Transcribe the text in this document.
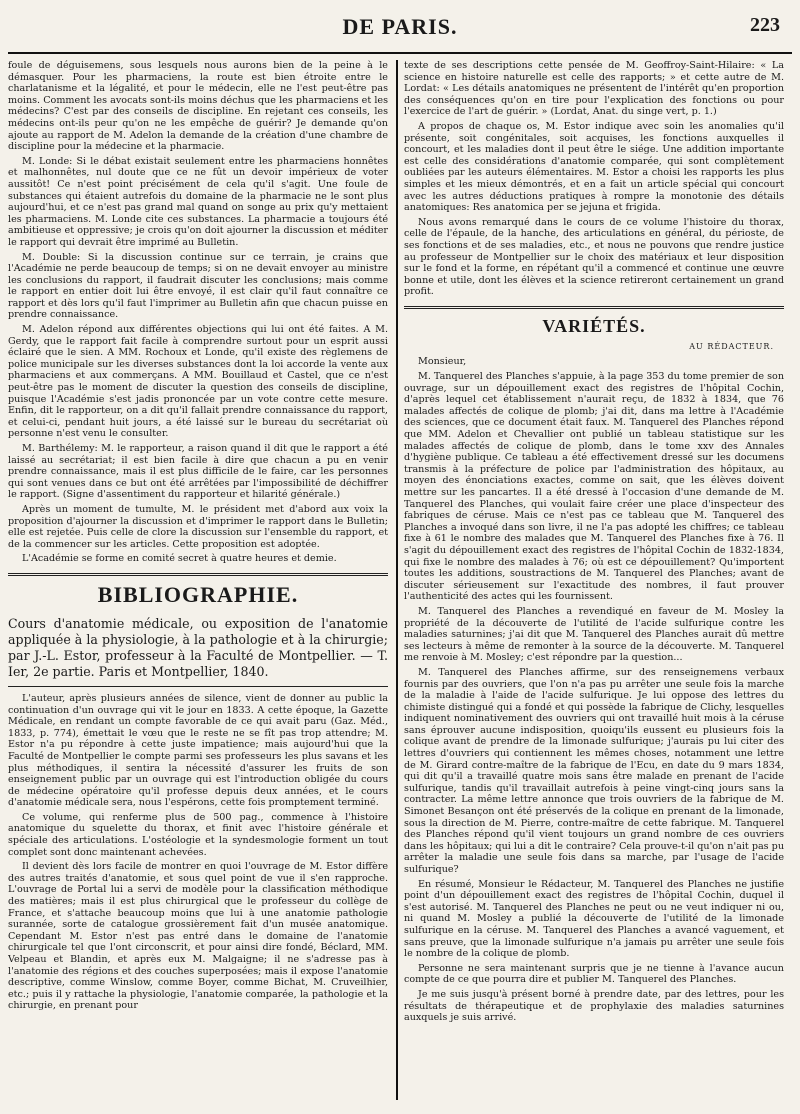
DE PARIS.	223

foule de déguisemens, sous lesquels nous aurons bien de la peine à le démasquer. Pour les pharmaciens, la route est bien étroite entre le charlatanisme et la légalité, et pour le médecin, elle ne l'est peut-être pas moins. Comment les avocats sont-ils moins déchus que les pharmaciens et les médecins? C'est par des conseils de discipline. En rejetant ces conseils, les médecins ont-ils peur qu'on ne les empêche de guérir? Je demande qu'on ajoute au rapport de M. Adelon la demande de la création d'une chambre de discipline pour la médecine et la pharmacie.

M. Londe: Si le débat existait seulement entre les pharmaciens honnêtes et malhonnêtes, nul doute que ce ne fût un devoir impérieux de voter aussitôt! Ce n'est point précisément de cela qu'il s'agit. Une foule de substances qui étaient autrefois du domaine de la pharmacie ne le sont plus aujourd'hui, et ce n'est pas grand mal quand on songe au prix qu'y mettaient les pharmaciens. M. Londe cite ces substances. La pharmacie a toujours été ambitieuse et oppressive; je crois qu'on doit ajourner la discussion et méditer le rapport qui devrait être imprimé au Bulletin.

M. Double: Si la discussion continue sur ce terrain, je crains que l'Académie ne perde beaucoup de temps; si on ne devait envoyer au ministre les conclusions du rapport, il faudrait discuter les conclusions; mais comme le rapport en entier doit lui être envoyé, il est clair qu'il faut connaître ce rapport et dès lors qu'il faut l'imprimer au Bulletin afin que chacun puisse en prendre connaissance.

M. Adelon répond aux différentes objections qui lui ont été faites. A M. Gerdy, que le rapport fait facile à comprendre surtout pour un esprit aussi éclairé que le sien. A MM. Rochoux et Londe, qu'il existe des règlemens de police municipale sur les diverses substances dont la loi accorde la vente aux pharmaciens et aux commerçans. A MM. Bouillaud et Castel, que ce n'est peut-être pas le moment de discuter la question des conseils de discipline, puisque l'Académie s'est jadis prononcée par un vote contre cette mesure. Enfin, dit le rapporteur, on a dit qu'il fallait prendre connaissance du rapport, et celui-ci, pendant huit jours, a été laissé sur le bureau du secrétariat où personne n'est venu le consulter.

M. Barthélemy: M. le rapporteur, a raison quand il dit que le rapport a été laissé au secrétariat; il est bien facile à dire que chacun a pu en venir prendre connaissance, mais il est plus difficile de le faire, car les personnes qui sont venues dans ce but ont été arrêtées par l'impossibilité de déchiffrer le rapport. (Signe d'assentiment du rapporteur et hilarité générale.)

Après un moment de tumulte, M. le président met d'abord aux voix la proposition d'ajourner la discussion et d'imprimer le rapport dans le Bulletin; elle est rejetée. Puis celle de clore la discussion sur l'ensemble du rapport, et de la commencer sur les articles. Cette proposition est adoptée.

L'Académie se forme en comité secret à quatre heures et demie.

BIBLIOGRAPHIE.
Cours d'anatomie médicale, ou exposition de l'anatomie appliquée à la physiologie, à la pathologie et à la chirurgie; par J.-L. Estor, professeur à la Faculté de Montpellier. — T. Ier, 2e partie. Paris et Montpellier, 1840.

L'auteur, après plusieurs années de silence, vient de donner au public la continuation d'un ouvrage qui vit le jour en 1833. A cette époque, la Gazette Médicale, en rendant un compte favorable de ce qui avait paru (Gaz. Méd., 1833, p. 774), émettait le vœu que le reste ne se fît pas trop attendre; M. Estor n'a pu répondre à cette juste impatience; mais aujourd'hui que la Faculté de Montpellier le compte parmi ses professeurs les plus savans et les plus méthodiques, il sentira la nécessité d'assurer les fruits de son enseignement public par un ouvrage qui est l'introduction obligée du cours de médecine opératoire qu'il professe depuis deux années, et le cours d'anatomie médicale sera, nous l'espérons, cette fois promptement terminé.

Ce volume, qui renferme plus de 500 pag., commence à l'histoire anatomique du squelette du thorax, et finit avec l'histoire générale et spéciale des articulations. L'ostéologie et la syndesmologie forment un tout complet sont donc maintenant achevées.

Il devient dès lors facile de montrer en quoi l'ouvrage de M. Estor diffère des autres traités d'anatomie, et sous quel point de vue il s'en rapproche. L'ouvrage de Portal lui a servi de modèle pour la classification méthodique des matières; mais il est plus chirurgical que le professeur du collège de France, et s'attache beaucoup moins que lui à une anatomie pathologie surannée, sorte de catalogue grossièrement fait d'un musée anatomique. Cependant M. Estor n'est pas entré dans le domaine de l'anatomie chirurgicale tel que l'ont circonscrit, et pour ainsi dire fondé, Béclard, MM. Velpeau et Blandin, et après eux M. Malgaigne; il ne s'adresse pas à l'anatomie des régions et des couches superposées; mais il expose l'anatomie descriptive, comme Winslow, comme Boyer, comme Bichat, M. Cruveilhier, etc.; puis il y rattache la physiologie, l'anatomie comparée, la pathologie et la chirurgie, en prenant pour

texte de ses descriptions cette pensée de M. Geoffroy-Saint-Hilaire: « La science en histoire naturelle est celle des rapports; » et cette autre de M. Lordat: « Les détails anatomiques ne présentent de l'intérêt qu'en proportion des conséquences qu'on en tire pour l'explication des fonctions ou pour l'exercice de l'art de guérir. » (Lordat, Anat. du singe vert, p. 1.)

A propos de chaque os, M. Estor indique avec soin les anomalies qu'il présente, soit congénitales, soit acquises, les fonctions auxquelles il concourt, et les maladies dont il peut être le siége. Une addition importante est celle des considérations d'anatomie comparée, qui sont complètement oubliées par les auteurs élémentaires. M. Estor a choisi les rapports les plus simples et les mieux démontrés, et en a fait un article spécial qui concourt avec les autres déductions pratiques à rompre la monotonie des détails anatomiques: Res anatomica per se jejuna et frigida.

Nous avons remarqué dans le cours de ce volume l'histoire du thorax, celle de l'épaule, de la hanche, des articulations en général, du périoste, de ses fonctions et de ses maladies, etc., et nous ne pouvons que rendre justice au professeur de Montpellier sur le choix des matériaux et leur disposition sur le fond et la forme, en répétant qu'il a commencé et continue une œuvre bonne et utile, dont les élèves et la science retireront certainement un grand profit.

VARIÉTÉS.
AU RÉDACTEUR.

Monsieur,

M. Tanquerel des Planches s'appuie, à la page 353 du tome premier de son ouvrage, sur un dépouillement exact des registres de l'hôpital Cochin, d'après lequel cet établissement n'aurait reçu, de 1832 à 1834, que 76 malades affectés de colique de plomb; j'ai dit, dans ma lettre à l'Académie des sciences, que ce document était faux. M. Tanquerel des Planches répond que MM. Adelon et Chevallier ont publié un tableau statistique sur les malades affectés de colique de plomb, dans le tome xxv des Annales d'hygiène publique. Ce tableau a été effectivement dressé sur les documens transmis à la préfecture de police par l'administration des hôpitaux, au moyen des énonciations exactes, comme on sait, que les élèves doivent mettre sur les pancartes. Il a été dressé à l'occasion d'une demande de M. Tanquerel des Planches, qui voulait faire créer une place d'inspecteur des fabriques de céruse. Mais ce n'est pas ce tableau que M. Tanquerel des Planches a invoqué dans son livre, il ne l'a pas adopté les chiffres; ce tableau fixe à 61 le nombre des malades que M. Tanquerel des Planches fixe à 76. Il s'agit du dépouillement exact des registres de l'hôpital Cochin de 1832-1834, qui fixe le nombre des malades à 76; où est ce dépouillement? Qu'importent toutes les additions, soustractions de M. Tanquerel des Planches; avant de discuter sérieusement sur l'exactitude des nombres, il faut prouver l'authenticité des actes qui les fournissent.

M. Tanquerel des Planches a revendiqué en faveur de M. Mosley la propriété de la découverte de l'utilité de l'acide sulfurique contre les maladies saturnines; j'ai dit que M. Tanquerel des Planches aurait dû mettre ses lecteurs à même de remonter à la source de la découverte. M. Tanquerel me renvoie à M. Mosley; c'est répondre par la question...

M. Tanquerel des Planches affirme, sur des renseignemens verbaux fournis par des ouvriers, que l'on n'a pas pu arrêter une seule fois la marche de la maladie à l'aide de l'acide sulfurique. Je lui oppose des lettres du chimiste distingué qui a fondé et qui possède la fabrique de Clichy, lesquelles indiquent nominativement des ouvriers qui ont travaillé huit mois à la céruse sans éprouver aucune indisposition, quoiqu'ils eussent eu plusieurs fois la colique avant de prendre de la limonade sulfurique; j'aurais pu lui citer des lettres d'ouvriers qui contiennent les mêmes choses, notamment une lettre de M. Girard contre-maître de la fabrique de l'Ecu, en date du 9 mars 1834, qui dit qu'il a travaillé quatre mois sans être malade en prenant de l'acide sulfurique, tandis qu'il travaillait autrefois à peine vingt-cinq jours sans la contracter. La même lettre annonce que trois ouvriers de la fabrique de M. Simonet Besançon ont été préservés de la colique en prenant de la limonade, sous la direction de M. Pierre, contre-maître de cette fabrique. M. Tanquerel des Planches répond qu'il vient toujours un grand nombre de ces ouvriers dans les hôpitaux; qui lui a dit le contraire? Cela prouve-t-il qu'on n'ait pas pu arrêter la maladie une seule fois dans sa marche, par l'usage de l'acide sulfurique?

En résumé, Monsieur le Rédacteur, M. Tanquerel des Planches ne justifie point d'un dépouillement exact des registres de l'hôpital Cochin, duquel il s'est autorisé. M. Tanquerel des Planches ne peut ou ne veut indiquer ni ou, ni quand M. Mosley a publié la découverte de l'utilité de la limonade sulfurique en la céruse. M. Tanquerel des Planches a avancé vaguement, et sans preuve, que la limonade sulfurique n'a jamais pu arrêter une seule fois le nombre de la colique de plomb.

Personne ne sera maintenant surpris que je ne tienne à l'avance aucun compte de ce que pourra dire et publier M. Tanquerel des Planches.

Je me suis jusqu'à présent borné à prendre date, par des lettres, pour les résultats de thérapeutique et de prophylaxie des maladies saturnines auxquels je suis arrivé.
